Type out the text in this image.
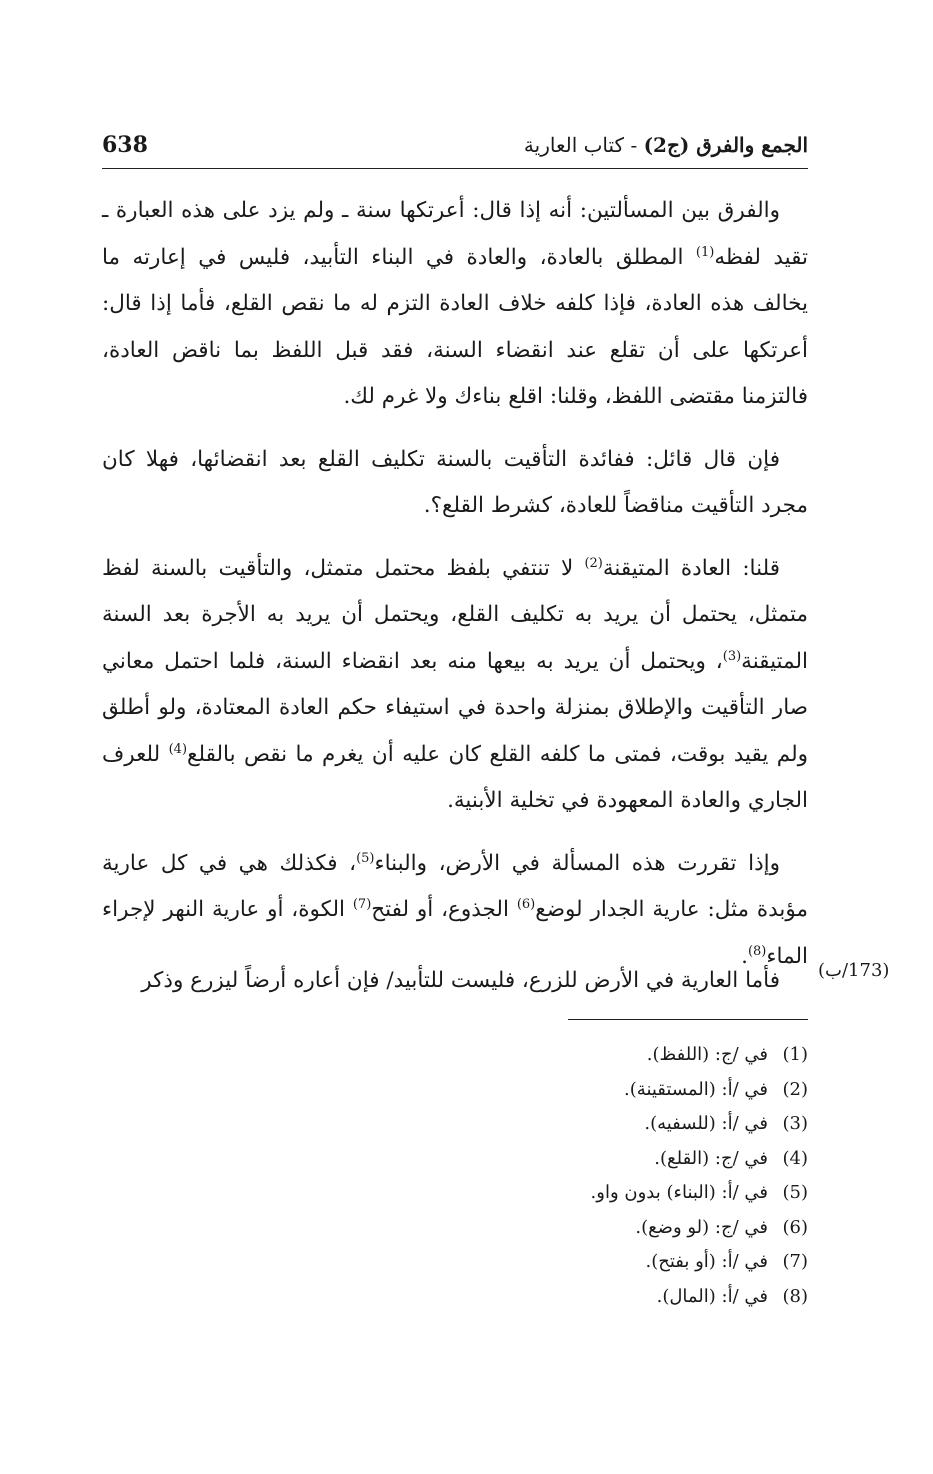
638	الجمع والفرق (ج2) - كتاب العارية

والفرق بين المسألتين: أنه إذا قال: أعرتكها سنة ـ ولم يزد على هذه العبارة ـ تقيد لفظه$^{(1)}$ المطلق بالعادة، والعادة في البناء التأبيد، فليس في إعارته ما يخالف هذه العادة، فإذا كلفه خلاف العادة التزم له ما نقص القلع، فأما إذا قال: أعرتكها على أن تقلع عند انقضاء السنة، فقد قبل اللفظ بما ناقض العادة، فالتزمنا مقتضى اللفظ، وقلنا: اقلع بناءك ولا غرم لك.

فإن قال قائل: ففائدة التأقيت بالسنة تكليف القلع بعد انقضائها، فهلا كان مجرد التأقيت مناقضاً للعادة، كشرط القلع؟.

قلنا: العادة المتيقنة$^{(2)}$ لا تنتفي بلفظ محتمل متمثل، والتأقيت بالسنة لفظ متمثل، يحتمل أن يريد به تكليف القلع، ويحتمل أن يريد به الأجرة بعد السنة المتيقنة$^{(3)}$، ويحتمل أن يريد به بيعها منه بعد انقضاء السنة، فلما احتمل معاني صار التأقيت والإطلاق بمنزلة واحدة في استيفاء حكم العادة المعتادة، ولو أطلق ولم يقيد بوقت، فمتى ما كلفه القلع كان عليه أن يغرم ما نقص بالقلع$^{(4)}$ للعرف الجاري والعادة المعهودة في تخلية الأبنية.

وإذا تقررت هذه المسألة في الأرض، والبناء$^{(5)}$، فكذلك هي في كل عارية مؤبدة مثل: عارية الجدار لوضع$^{(6)}$ الجذوع، أو لفتح$^{(7)}$ الكوة، أو عارية النهر لإجراء الماء$^{(8)}$.

فأما العارية في الأرض للزرع، فليست للتأبيد/ فإن أعاره أرضاً ليزرع وذكر	(173/ب)
(1)
في /ج: (اللفظ).
(2)
في /أ: (المستقينة).
(3)
في /أ: (للسفيه).
(4)
في /ج: (القلع).
(5)
في /أ: (البناء) بدون واو.
(6)
في /ج: (لو وضع).
(7)
في /أ: (أو بفتح).
(8)
في /أ: (المال).
